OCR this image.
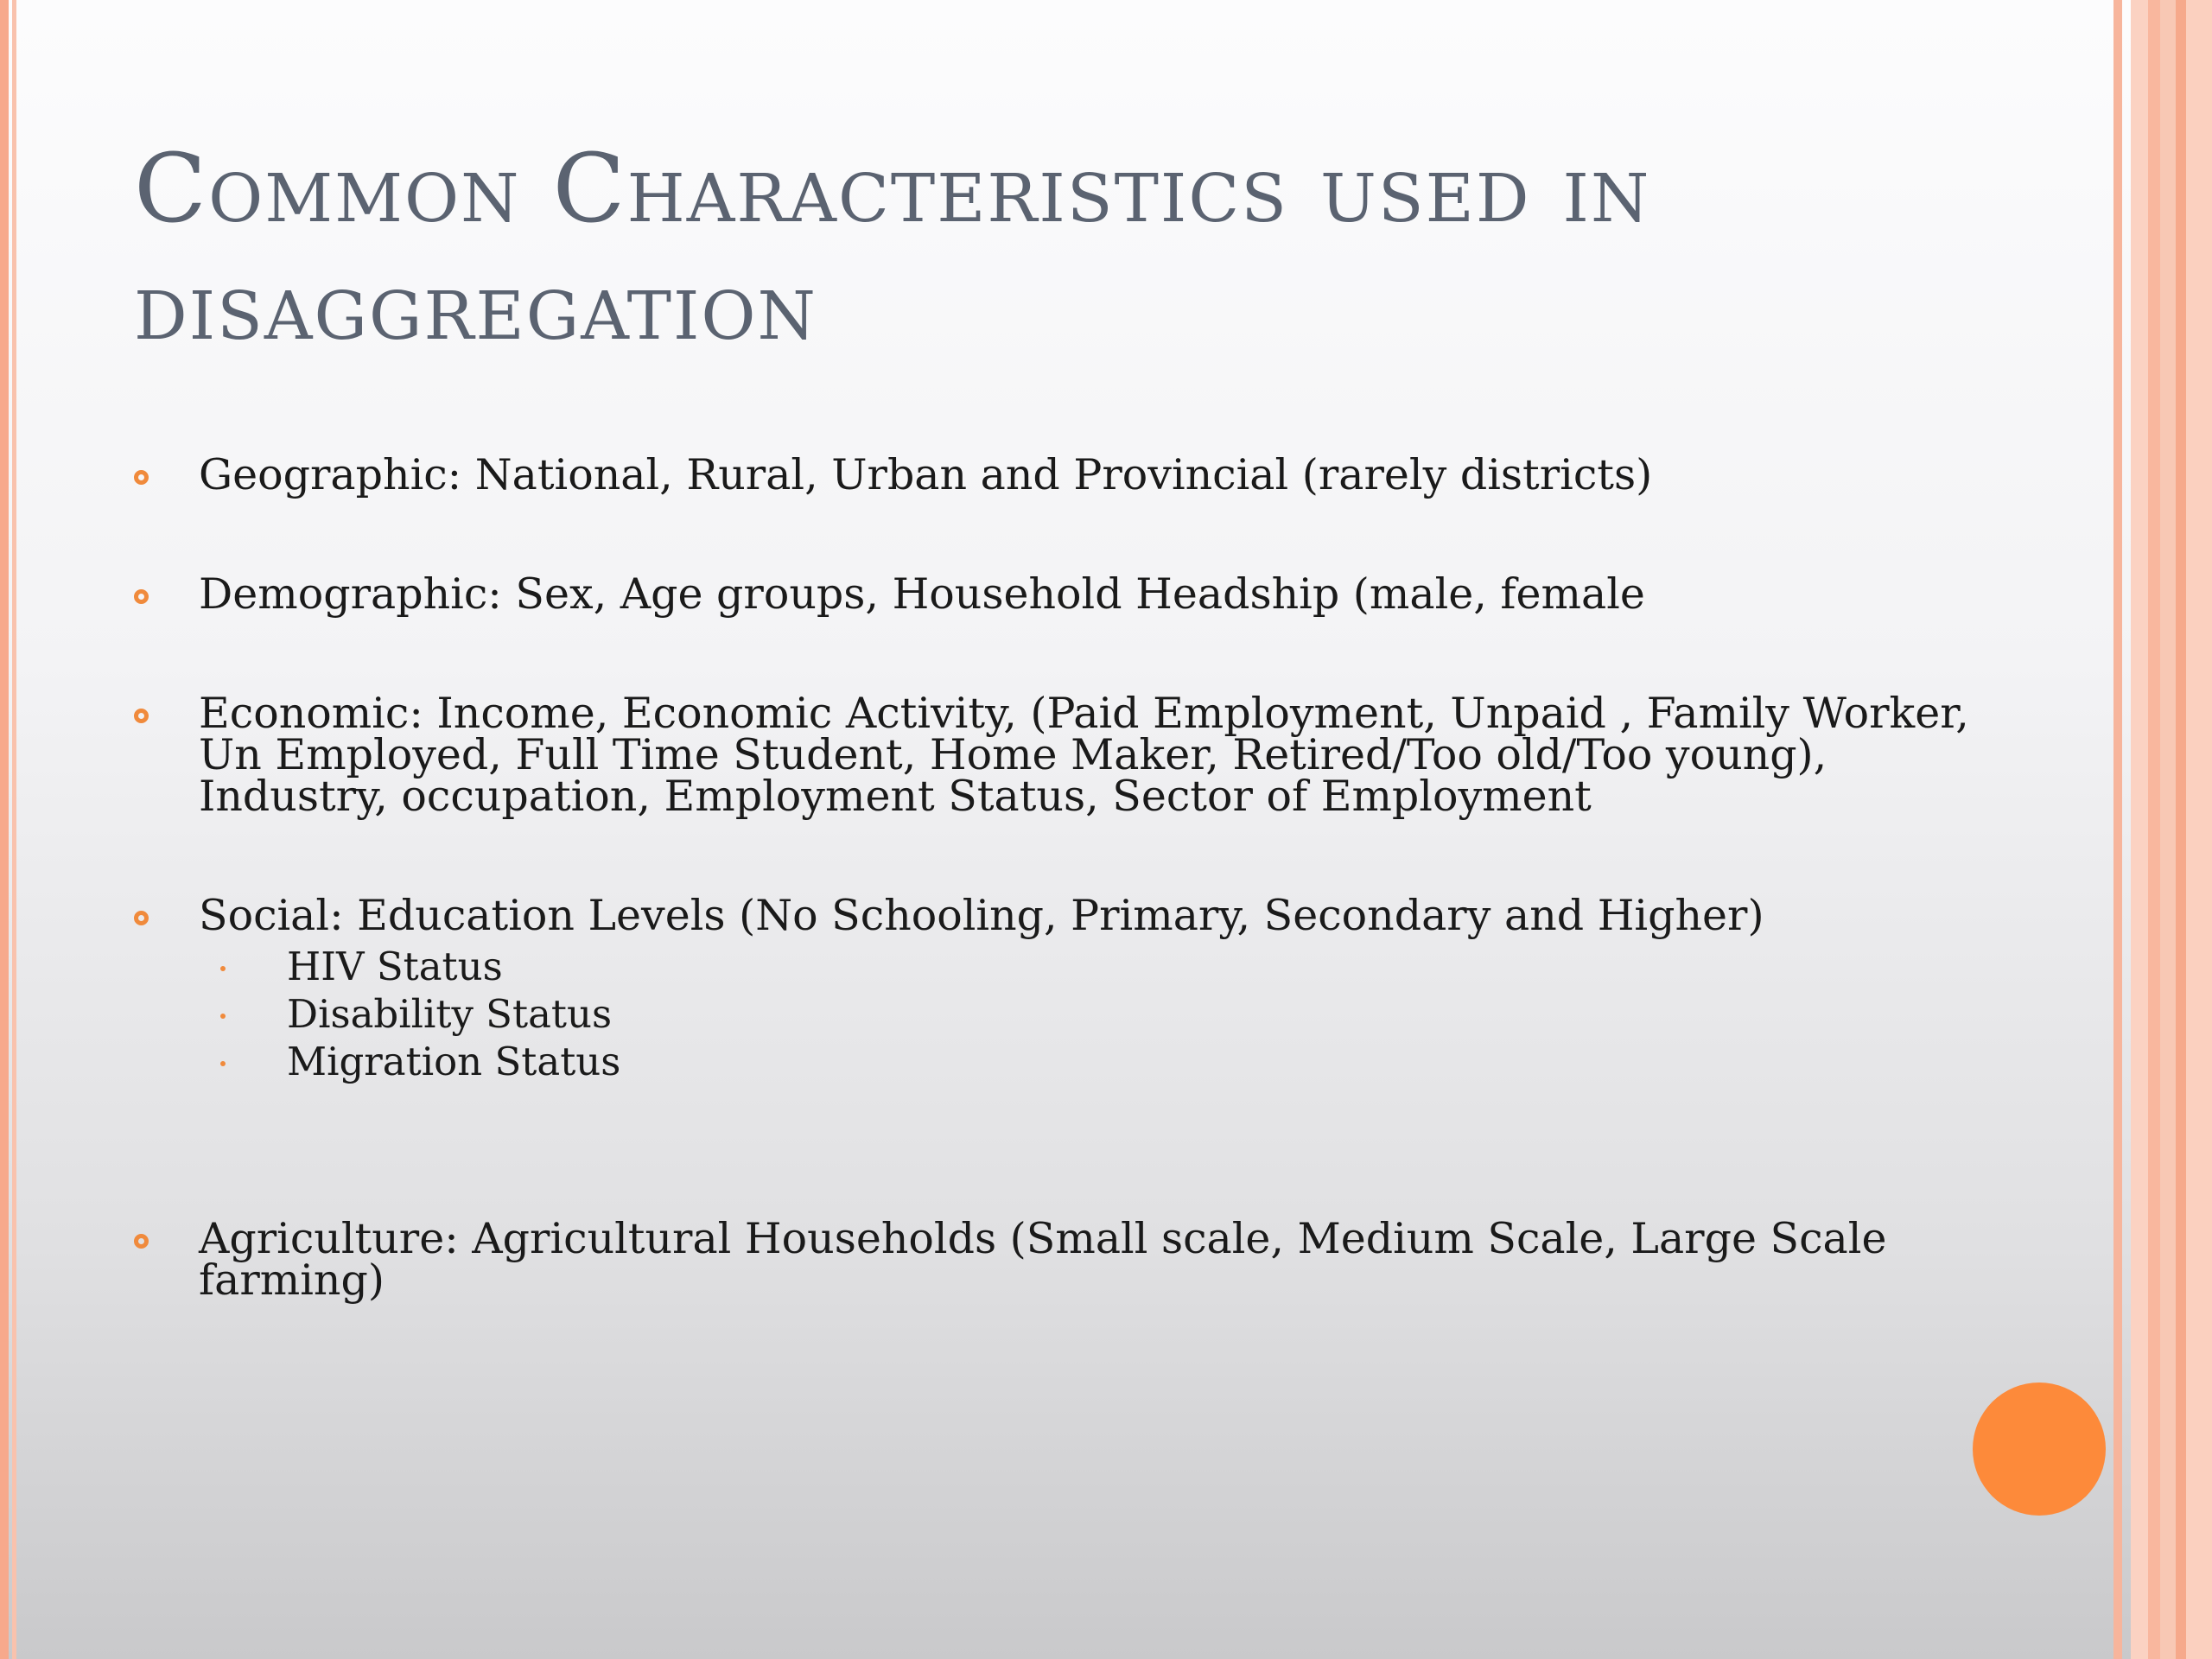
Common Characteristics used in
disaggregation
Geographic: National, Rural, Urban and Provincial (rarely districts)
Demographic: Sex, Age groups, Household Headship (male, female
Economic: Income, Economic Activity, (Paid Employment, Unpaid , Family Worker, Un Employed, Full Time Student, Home Maker, Retired/Too old/Too young), Industry, occupation, Employment Status, Sector of Employment
Social: Education Levels (No Schooling, Primary, Secondary and Higher)
HIV Status
Disability Status
Migration Status
Agriculture: Agricultural Households (Small scale, Medium Scale, Large Scale farming)
